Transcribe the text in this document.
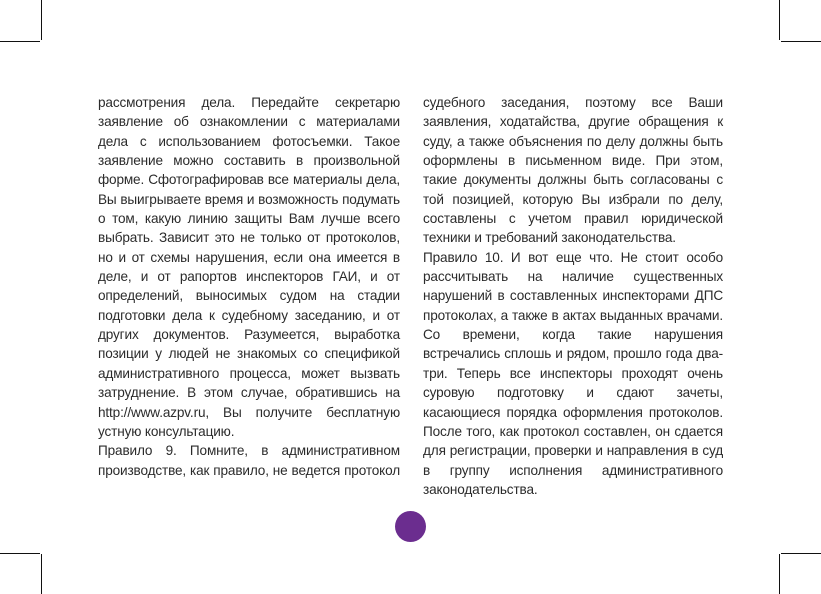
рассмотрения дела. Передайте секретарю заявление об ознакомлении с материалами дела с использованием фотосъемки. Такое заявление можно составить в произвольной форме. Сфотографировав все материалы дела, Вы выигрываете время и возможность подумать о том, какую линию защиты Вам лучше всего выбрать. Зависит это не только от протоколов, но и от схемы нарушения, если она имеется в деле, и от рапортов инспекторов ГАИ, и от определений, выносимых судом на стадии подготовки дела к судебному заседанию, и от других документов. Разумеется, выработка позиции у людей не знакомых со спецификой административного процесса, может вызвать затруднение. В этом случае, обратившись на http://www.azpv.ru, Вы получите бесплатную устную консультацию.

Правило 9. Помните, в административном производстве, как правило, не ведется протокол

судебного заседания, поэтому все Ваши заявления, ходатайства, другие обращения к суду, а также объяснения по делу должны быть оформлены в письменном виде. При этом, такие документы должны быть согласованы с той позицией, которую Вы избрали по делу, составлены с учетом правил юридической техники и требований законодательства.

Правило 10. И вот еще что. Не стоит особо рассчитывать на наличие существенных нарушений в составленных инспекторами ДПС протоколах, а также в актах выданных врачами. Со времени, когда такие нарушения встречались сплошь и рядом, прошло года два-три. Теперь все инспекторы проходят очень суровую подготовку и сдают зачеты, касающиеся порядка оформления протоколов. После того, как протокол составлен, он сдается для регистрации, проверки и направления в суд в группу исполнения административного законодательства.
